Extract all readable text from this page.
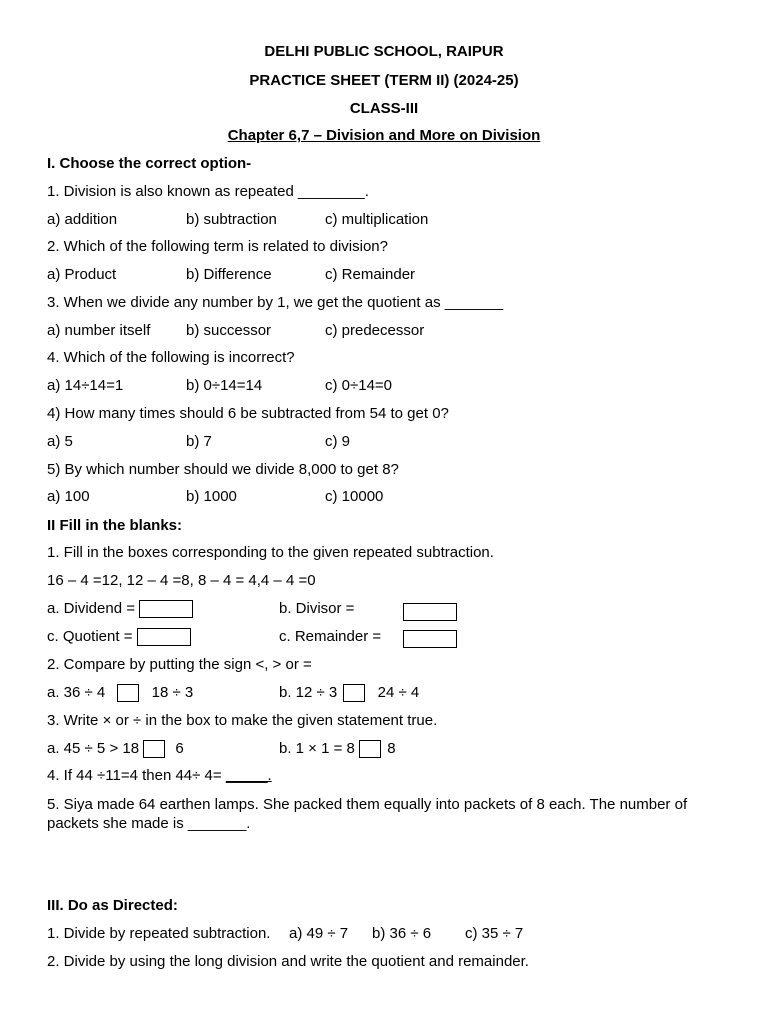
DELHI PUBLIC SCHOOL, RAIPUR
PRACTICE SHEET (TERM II) (2024-25)
CLASS-III
Chapter 6,7 – Division and More on Division
I. Choose the correct option-
1. Division is also known as repeated ________.
a) addition	b) subtraction	c) multiplication
2. Which of the following term is related to division?
a) Product	b) Difference	c) Remainder
3. When we divide any number by 1, we get the quotient as _______
a) number itself b) successor	c) predecessor
4. Which of the following is incorrect?
a) 14÷14=1	b) 0÷14=14	c) 0÷14=0
4) How many times should 6 be subtracted from 54 to get 0?
a) 5	b) 7	c) 9
5) By which number should we divide 8,000 to get 8?
a) 100	b) 1000	c) 10000
II Fill in the blanks:
1. Fill in the boxes corresponding to the given repeated subtraction.
16 – 4 =12, 12 – 4 =8, 8 – 4 = 4,4 – 4 =0
a. Dividend =	b. Divisor =
c. Quotient =	c. Remainder =
2. Compare by putting the sign <, > or =
a. 36 ÷ 4	18 ÷ 3	b. 12 ÷ 3	24 ÷ 4
3. Write × or ÷ in the box to make the given statement true.
a. 45 ÷ 5 > 18 6	b. 1 × 1 = 8 8
4. If 44 ÷11=4 then 44÷ 4= _____.
5. Siya made 64 earthen lamps. She packed them equally into packets of 8 each. The number of packets she made is _______.
III. Do as Directed:
1. Divide by repeated subtraction. a) 49 ÷ 7 b) 36 ÷ 6 c) 35 ÷ 7
2. Divide by using the long division and write the quotient and remainder.
